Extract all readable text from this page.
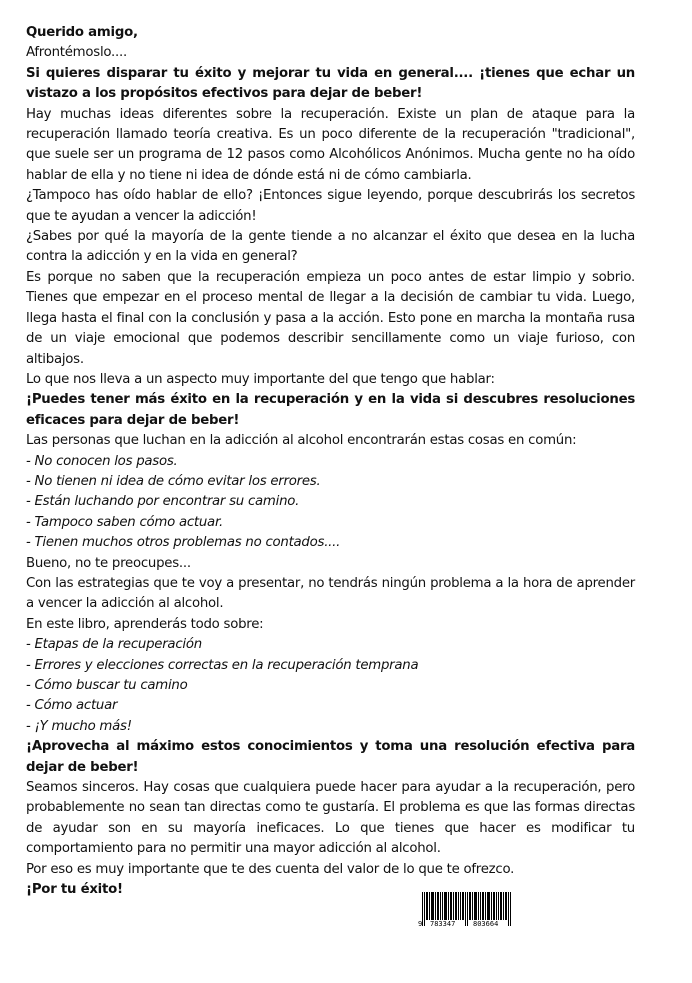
Querido amigo,

Afrontémoslo....

Si quieres disparar tu éxito y mejorar tu vida en general.... ¡tienes que echar un vistazo a los propósitos efectivos para dejar de beber!

Hay muchas ideas diferentes sobre la recuperación. Existe un plan de ataque para la recuperación llamado teoría creativa. Es un poco diferente de la recuperación "tradicional", que suele ser un programa de 12 pasos como Alcohólicos Anónimos. Mucha gente no ha oído hablar de ella y no tiene ni idea de dónde está ni de cómo cambiarla.

¿Tampoco has oído hablar de ello? ¡Entonces sigue leyendo, porque descubrirás los secretos que te ayudan a vencer la adicción!

¿Sabes por qué la mayoría de la gente tiende a no alcanzar el éxito que desea en la lucha contra la adicción y en la vida en general?

Es porque no saben que la recuperación empieza un poco antes de estar limpio y sobrio. Tienes que empezar en el proceso mental de llegar a la decisión de cambiar tu vida. Luego, llega hasta el final con la conclusión y pasa a la acción. Esto pone en marcha la montaña rusa de un viaje emocional que podemos describir sencillamente como un viaje furioso, con altibajos.

Lo que nos lleva a un aspecto muy importante del que tengo que hablar:

¡Puedes tener más éxito en la recuperación y en la vida si descubres resoluciones eficaces para dejar de beber!

Las personas que luchan en la adicción al alcohol encontrarán estas cosas en común:

- No conocen los pasos.

- No tienen ni idea de cómo evitar los errores.

- Están luchando por encontrar su camino.

- Tampoco saben cómo actuar.

- Tienen muchos otros problemas no contados....

Bueno, no te preocupes...

Con las estrategias que te voy a presentar, no tendrás ningún problema a la hora de aprender a vencer la adicción al alcohol.

En este libro, aprenderás todo sobre:

- Etapas de la recuperación

- Errores y elecciones correctas en la recuperación temprana

- Cómo buscar tu camino

- Cómo actuar

- ¡Y mucho más!

¡Aprovecha al máximo estos conocimientos y toma una resolución efectiva para dejar de beber!

Seamos sinceros. Hay cosas que cualquiera puede hacer para ayudar a la recuperación, pero probablemente no sean tan directas como te gustaría. El problema es que las formas directas de ayudar son en su mayoría ineficaces. Lo que tienes que hacer es modificar tu comportamiento para no permitir una mayor adicción al alcohol.

Por eso es muy importante que te des cuenta del valor de lo que te ofrezco.

¡Por tu éxito!

9 783347	803664
